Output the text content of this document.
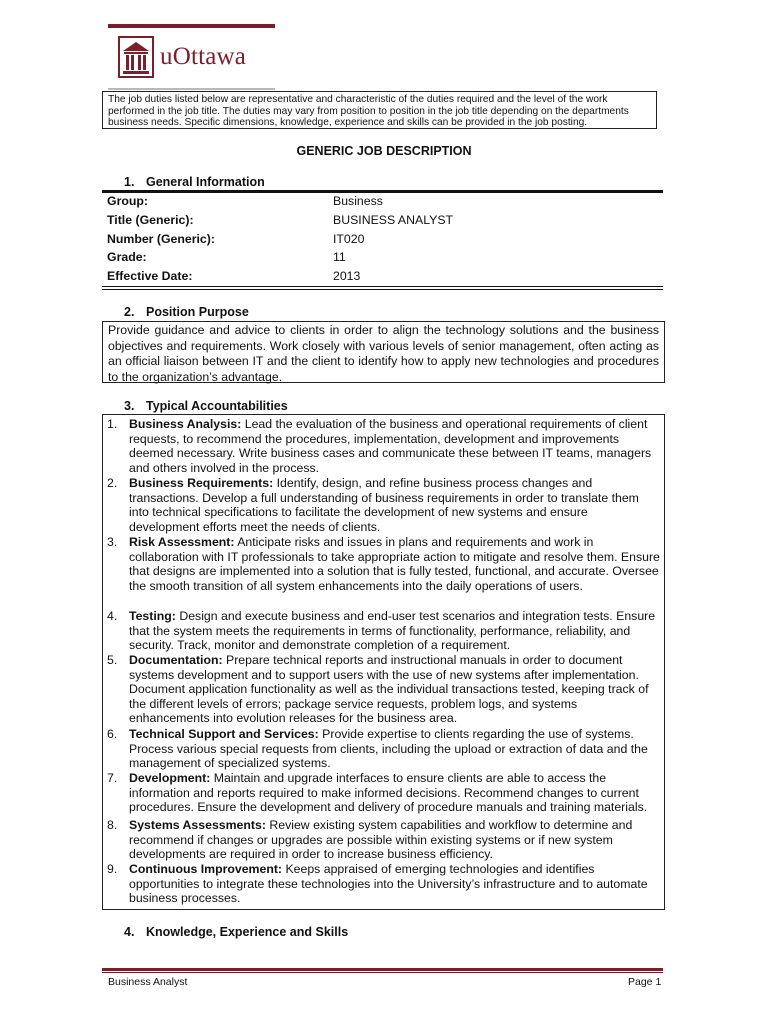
uOttawa
The job duties listed below are representative and characteristic of the duties required and the level of the work performed in the job title. The duties may vary from position to position in the job title depending on the departments business needs. Specific dimensions, knowledge, experience and skills can be provided in the job posting.
GENERIC JOB DESCRIPTION
1. General Information
Group:	Business
Title (Generic):	BUSINESS ANALYST
Number (Generic):	IT020
Grade:	11
Effective Date:	2013
2. Position Purpose
Provide guidance and advice to clients in order to align the technology solutions and the business objectives and requirements. Work closely with various levels of senior management, often acting as an official liaison between IT and the client to identify how to apply new technologies and procedures to the organization’s advantage.
3. Typical Accountabilities
1. Business Analysis: Lead the evaluation of the business and operational requirements of client requests, to recommend the procedures, implementation, development and improvements deemed necessary. Write business cases and communicate these between IT teams, managers and others involved in the process.
2. Business Requirements: Identify, design, and refine business process changes and transactions. Develop a full understanding of business requirements in order to translate them into technical specifications to facilitate the development of new systems and ensure development efforts meet the needs of clients.
3. Risk Assessment: Anticipate risks and issues in plans and requirements and work in collaboration with IT professionals to take appropriate action to mitigate and resolve them. Ensure that designs are implemented into a solution that is fully tested, functional, and accurate. Oversee the smooth transition of all system enhancements into the daily operations of users.
4. Testing: Design and execute business and end-user test scenarios and integration tests. Ensure that the system meets the requirements in terms of functionality, performance, reliability, and security. Track, monitor and demonstrate completion of a requirement.
5. Documentation: Prepare technical reports and instructional manuals in order to document systems development and to support users with the use of new systems after implementation. Document application functionality as well as the individual transactions tested, keeping track of the different levels of errors; package service requests, problem logs, and systems enhancements into evolution releases for the business area.
6. Technical Support and Services: Provide expertise to clients regarding the use of systems. Process various special requests from clients, including the upload or extraction of data and the management of specialized systems.
7. Development: Maintain and upgrade interfaces to ensure clients are able to access the information and reports required to make informed decisions. Recommend changes to current procedures. Ensure the development and delivery of procedure manuals and training materials.
8. Systems Assessments: Review existing system capabilities and workflow to determine and recommend if changes or upgrades are possible within existing systems or if new system developments are required in order to increase business efficiency.
9. Continuous Improvement: Keeps appraised of emerging technologies and identifies opportunities to integrate these technologies into the University’s infrastructure and to automate business processes.
4. Knowledge, Experience and Skills
Business Analyst	Page 1
